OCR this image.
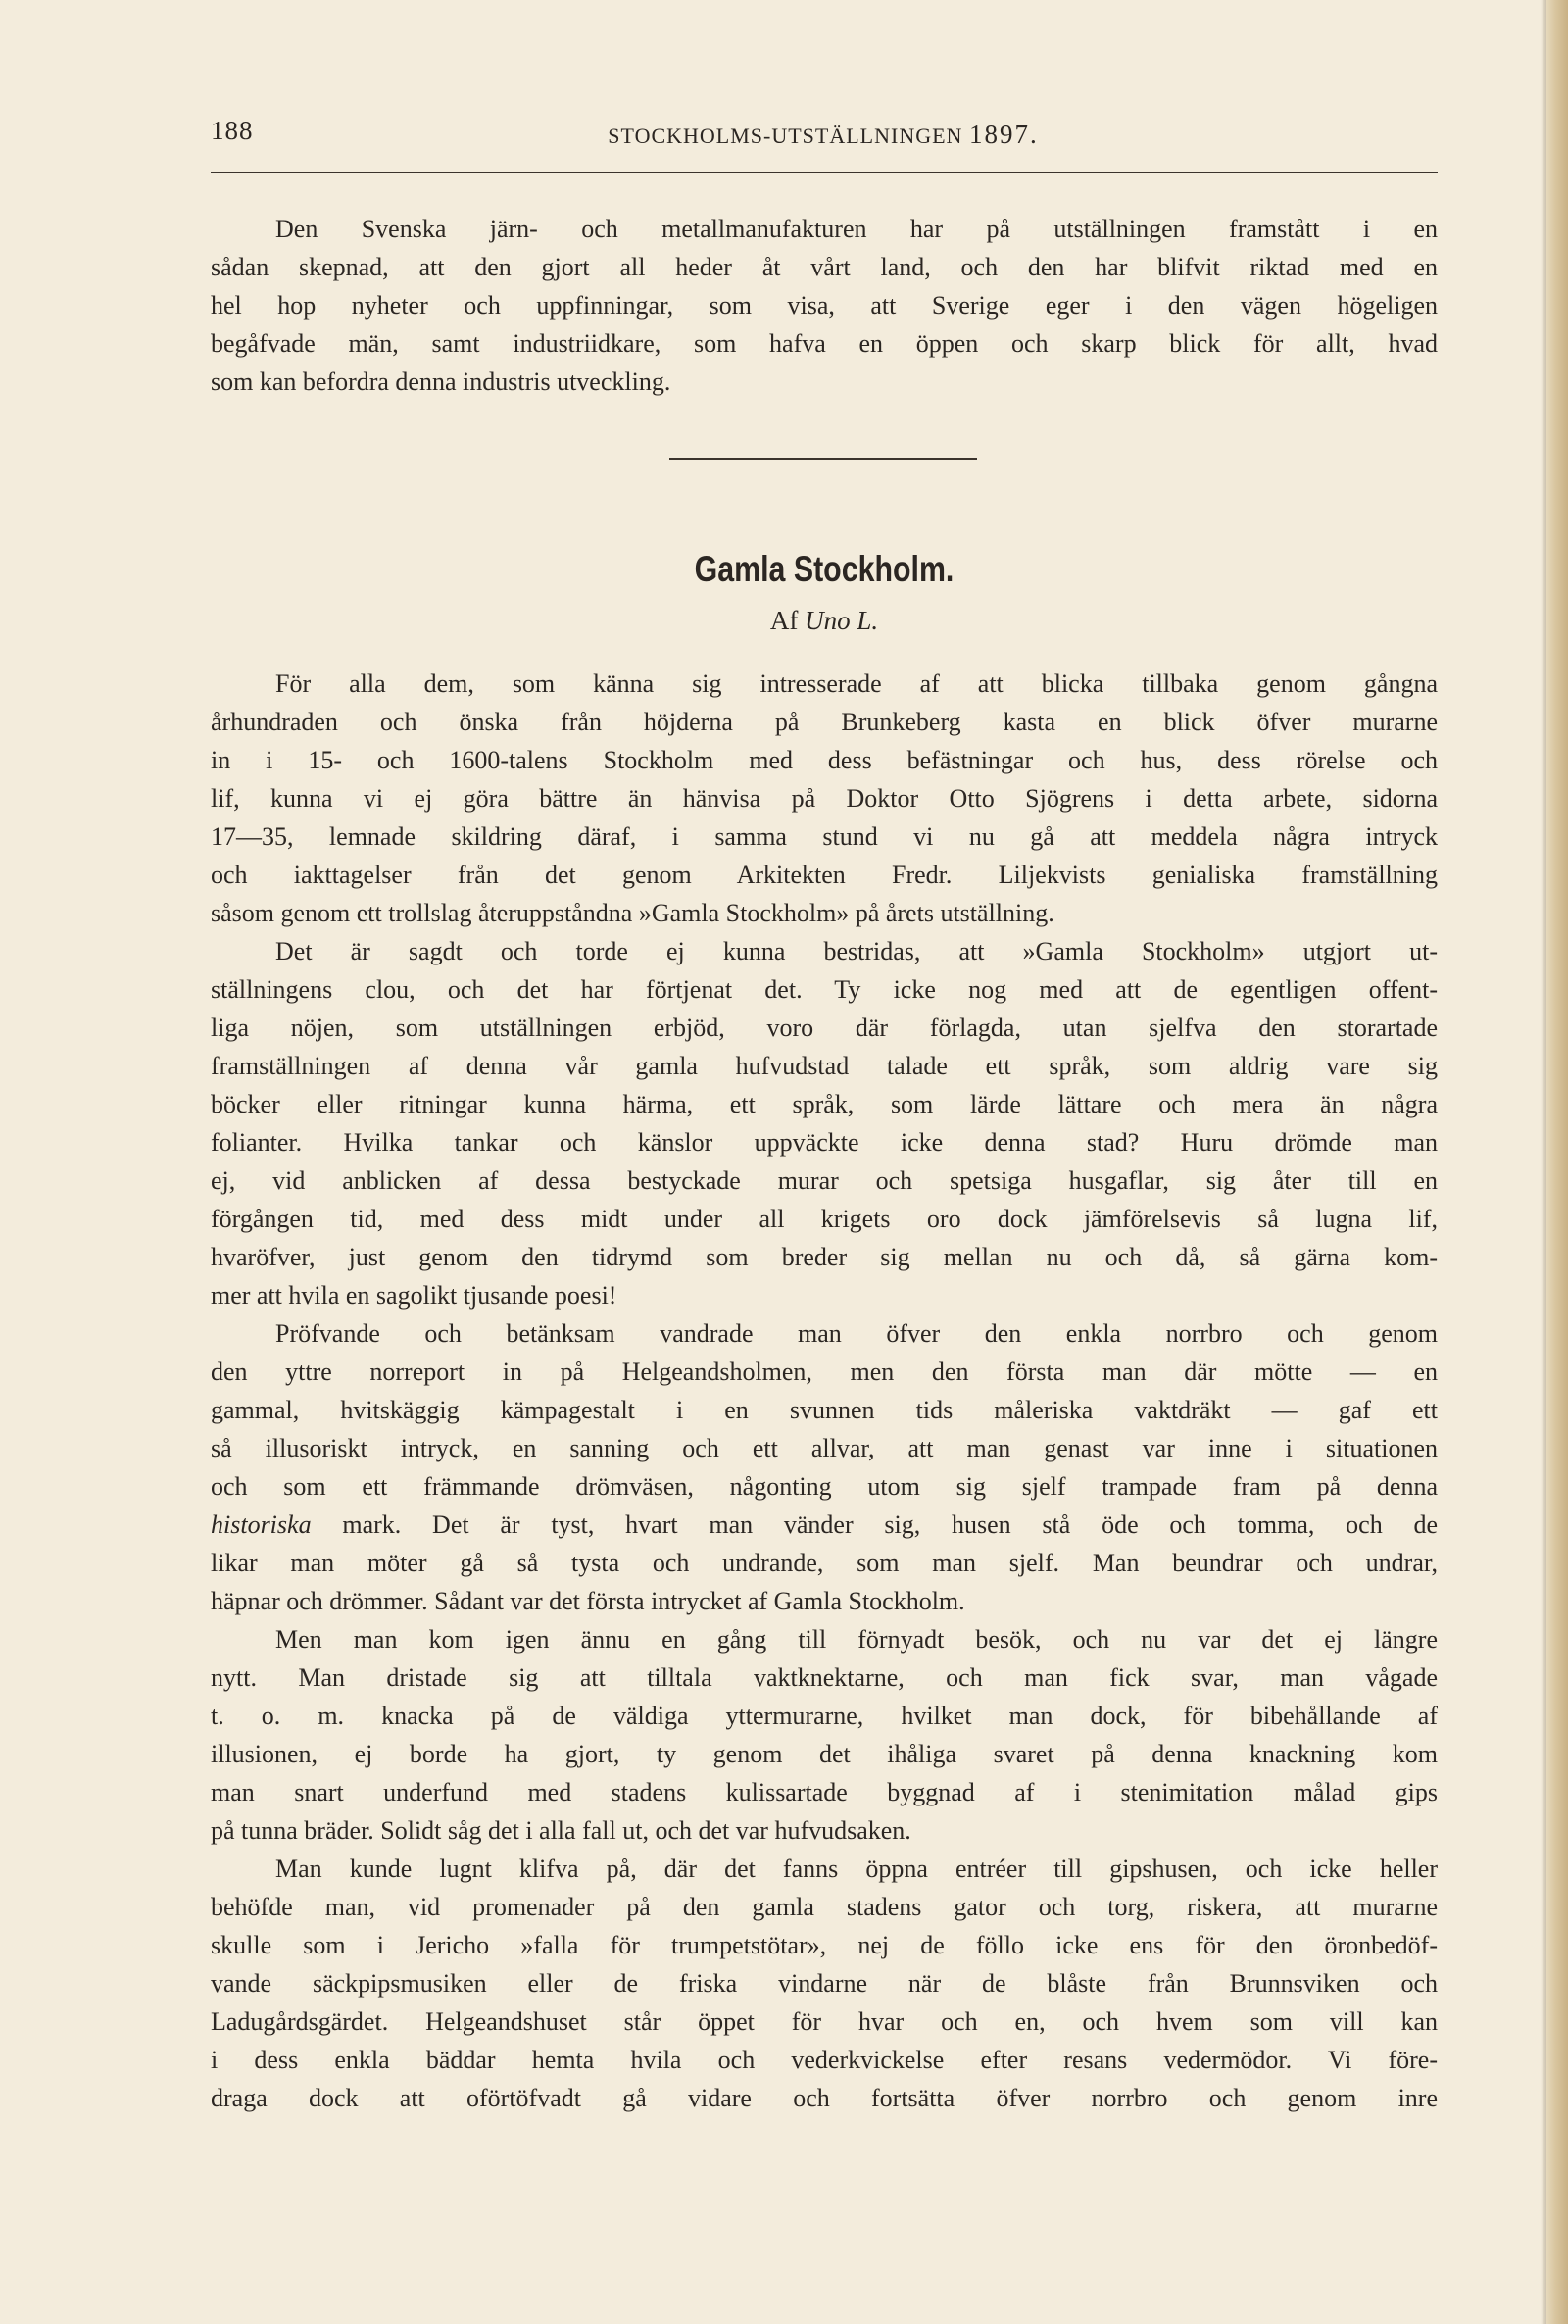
188	STOCKHOLMS-UTSTÄLLNINGEN 1897.
Den Svenska järn- och metallmanufakturen har på utställningen framstått i en
sådan skepnad, att den gjort all heder åt vårt land, och den har blifvit riktad med en
hel hop nyheter och uppfinningar, som visa, att Sverige eger i den vägen högeligen
begåfvade män, samt industriidkare, som hafva en öppen och skarp blick för allt, hvad
som kan befordra denna industris utveckling.
Gamla Stockholm.
Af Uno L.
För alla dem, som känna sig intresserade af att blicka tillbaka genom gångna
århundraden och önska från höjderna på Brunkeberg kasta en blick öfver murarne
in i 15- och 1600-talens Stockholm med dess befästningar och hus, dess rörelse och
lif, kunna vi ej göra bättre än hänvisa på Doktor Otto Sjögrens i detta arbete, sidorna
17—35, lemnade skildring däraf, i samma stund vi nu gå att meddela några intryck
och iakttagelser från det genom Arkitekten Fredr. Liljekvists genialiska framställning
såsom genom ett trollslag återuppståndna »Gamla Stockholm» på årets utställning.
Det är sagdt och torde ej kunna bestridas, att »Gamla Stockholm» utgjort ut-
ställningens clou, och det har förtjenat det. Ty icke nog med att de egentligen offent-
liga nöjen, som utställningen erbjöd, voro där förlagda, utan sjelfva den storartade
framställningen af denna vår gamla hufvudstad talade ett språk, som aldrig vare sig
böcker eller ritningar kunna härma, ett språk, som lärde lättare och mera än några
folianter. Hvilka tankar och känslor uppväckte icke denna stad? Huru drömde man
ej, vid anblicken af dessa bestyckade murar och spetsiga husgaflar, sig åter till en
förgången tid, med dess midt under all krigets oro dock jämförelsevis så lugna lif,
hvaröfver, just genom den tidrymd som breder sig mellan nu och då, så gärna kom-
mer att hvila en sagolikt tjusande poesi!
Pröfvande och betänksam vandrade man öfver den enkla norrbro och genom
den yttre norreport in på Helgeandsholmen, men den första man där mötte — en
gammal, hvitskäggig kämpagestalt i en svunnen tids måleriska vaktdräkt — gaf ett
så illusoriskt intryck, en sanning och ett allvar, att man genast var inne i situationen
och som ett främmande drömväsen, någonting utom sig sjelf trampade fram på denna
historiska mark. Det är tyst, hvart man vänder sig, husen stå öde och tomma, och de
likar man möter gå så tysta och undrande, som man sjelf. Man beundrar och undrar,
häpnar och drömmer. Sådant var det första intrycket af Gamla Stockholm.
Men man kom igen ännu en gång till förnyadt besök, och nu var det ej längre
nytt. Man dristade sig att tilltala vaktknektarne, och man fick svar, man vågade
t. o. m. knacka på de väldiga yttermurarne, hvilket man dock, för bibehållande af
illusionen, ej borde ha gjort, ty genom det ihåliga svaret på denna knackning kom
man snart underfund med stadens kulissartade byggnad af i stenimitation målad gips
på tunna bräder. Solidt såg det i alla fall ut, och det var hufvudsaken.
Man kunde lugnt klifva på, där det fanns öppna entréer till gipshusen, och icke heller
behöfde man, vid promenader på den gamla stadens gator och torg, riskera, att murarne
skulle som i Jericho »falla för trumpetstötar», nej de föllo icke ens för den öronbedöf-
vande säckpipsmusiken eller de friska vindarne när de blåste från Brunnsviken och
Ladugårdsgärdet. Helgeandshuset står öppet för hvar och en, och hvem som vill kan
i dess enkla bäddar hemta hvila och vederkvickelse efter resans vedermödor. Vi före-
draga dock att oförtöfvadt gå vidare och fortsätta öfver norrbro och genom inre
